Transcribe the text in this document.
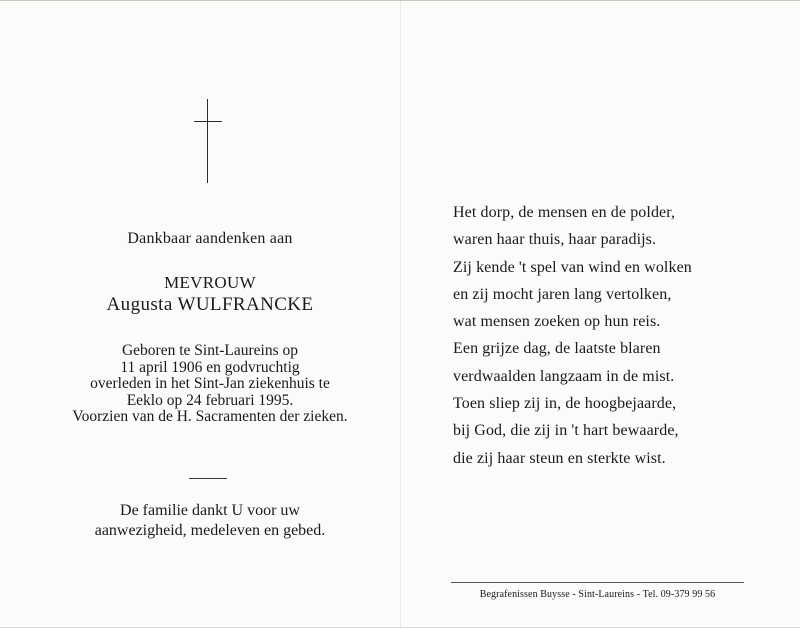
Dankbaar aandenken aan
MEVROUW
Augusta WULFRANCKE
Geboren te Sint-Laureins op
11 april 1906 en godvruchtig
overleden in het Sint-Jan ziekenhuis te
Eeklo op 24 februari 1995.
Voorzien van de H. Sacramenten der zieken.
De familie dankt U voor uw
aanwezigheid, medeleven en gebed.
Het dorp, de mensen en de polder,
waren haar thuis, haar paradijs.
Zij kende 't spel van wind en wolken
en zij mocht jaren lang vertolken,
wat mensen zoeken op hun reis.
Een grijze dag, de laatste blaren
verdwaalden langzaam in de mist.
Toen sliep zij in, de hoogbejaarde,
bij God, die zij in 't hart bewaarde,
die zij haar steun en sterkte wist.
Begrafenissen Buysse - Sint-Laureins - Tel. 09-379 99 56
